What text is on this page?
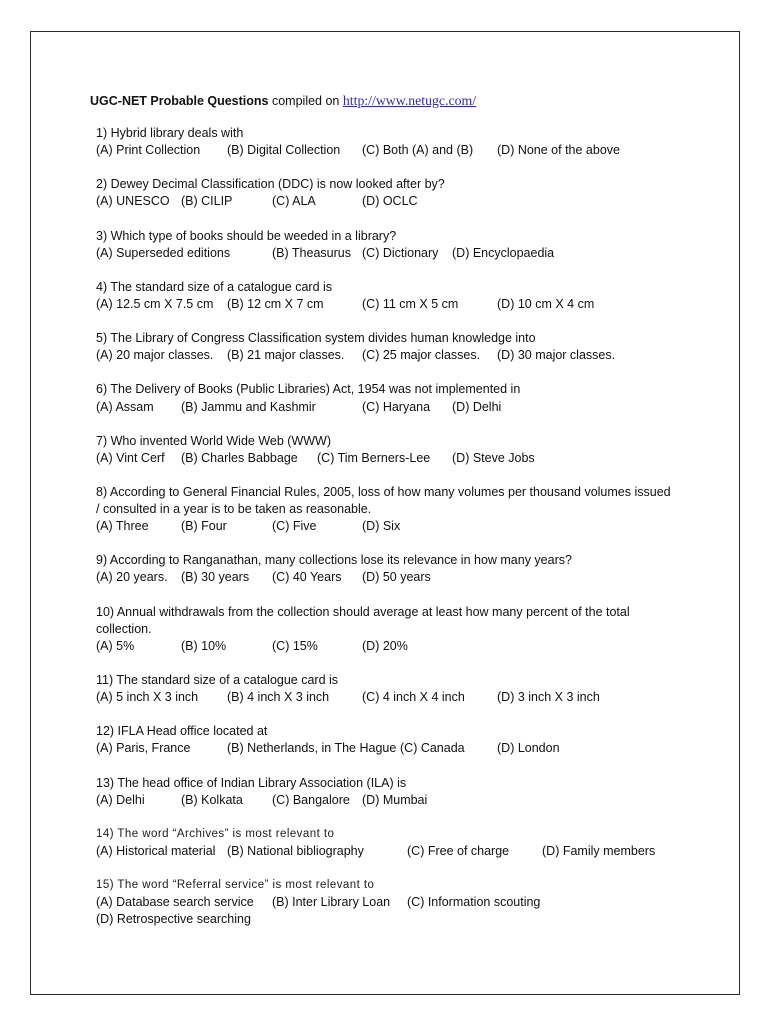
UGC-NET Probable Questions compiled on http://www.netugc.com/
1) Hybrid library deals with
(A) Print Collection (B) Digital Collection (C) Both (A) and (B) (D) None of the above
2) Dewey Decimal Classification (DDC) is now looked after by?
(A) UNESCO (B) CILIP	(C) ALA	(D) OCLC
3) Which type of books should be weeded in a library?
(A) Superseded editions	(B) Theasurus (C) Dictionary (D) Encyclopaedia
4) The standard size of a catalogue card is
(A) 12.5 cm X 7.5 cm (B) 12 cm X 7 cm	(C) 11 cm X 5 cm	(D) 10 cm X 4 cm
5) The Library of Congress Classification system divides human knowledge into
(A) 20 major classes. (B) 21 major classes. (C) 25 major classes. (D) 30 major classes.
6) The Delivery of Books (Public Libraries) Act, 1954 was not implemented in
(A) Assam (B) Jammu and Kashmir	(C) Haryana (D) Delhi
7) Who invented World Wide Web (WWW)
(A) Vint Cerf (B) Charles Babbage (C) Tim Berners-Lee (D) Steve Jobs
8) According to General Financial Rules, 2005, loss of how many volumes per thousand volumes issued
/ consulted in a year is to be taken as reasonable.
(A) Three	(B) Four	(C) Five	(D) Six
9) According to Ranganathan, many collections lose its relevance in how many years?
(A) 20 years. (B) 30 years (C) 40 Years (D) 50 years
10) Annual withdrawals from the collection should average at least how many percent of the total
collection.
(A) 5%	(B) 10%	(C) 15%	(D) 20%
11) The standard size of a catalogue card is
(A) 5 inch X 3 inch (B) 4 inch X 3 inch	(C) 4 inch X 4 inch	(D) 3 inch X 3 inch
12) IFLA Head office located at
(A) Paris, France	(B) Netherlands, in The Hague (C) Canada	(D) London
13) The head office of Indian Library Association (ILA) is
(A) Delhi	(B) Kolkata (C) Bangalore (D) Mumbai
14) The word “Archives” is most relevant to
(A) Historical material (B) National bibliography	(C) Free of charge	(D) Family members
15) The word “Referral service” is most relevant to
(A) Database search service (B) Inter Library Loan (C) Information scouting
(D) Retrospective searching
